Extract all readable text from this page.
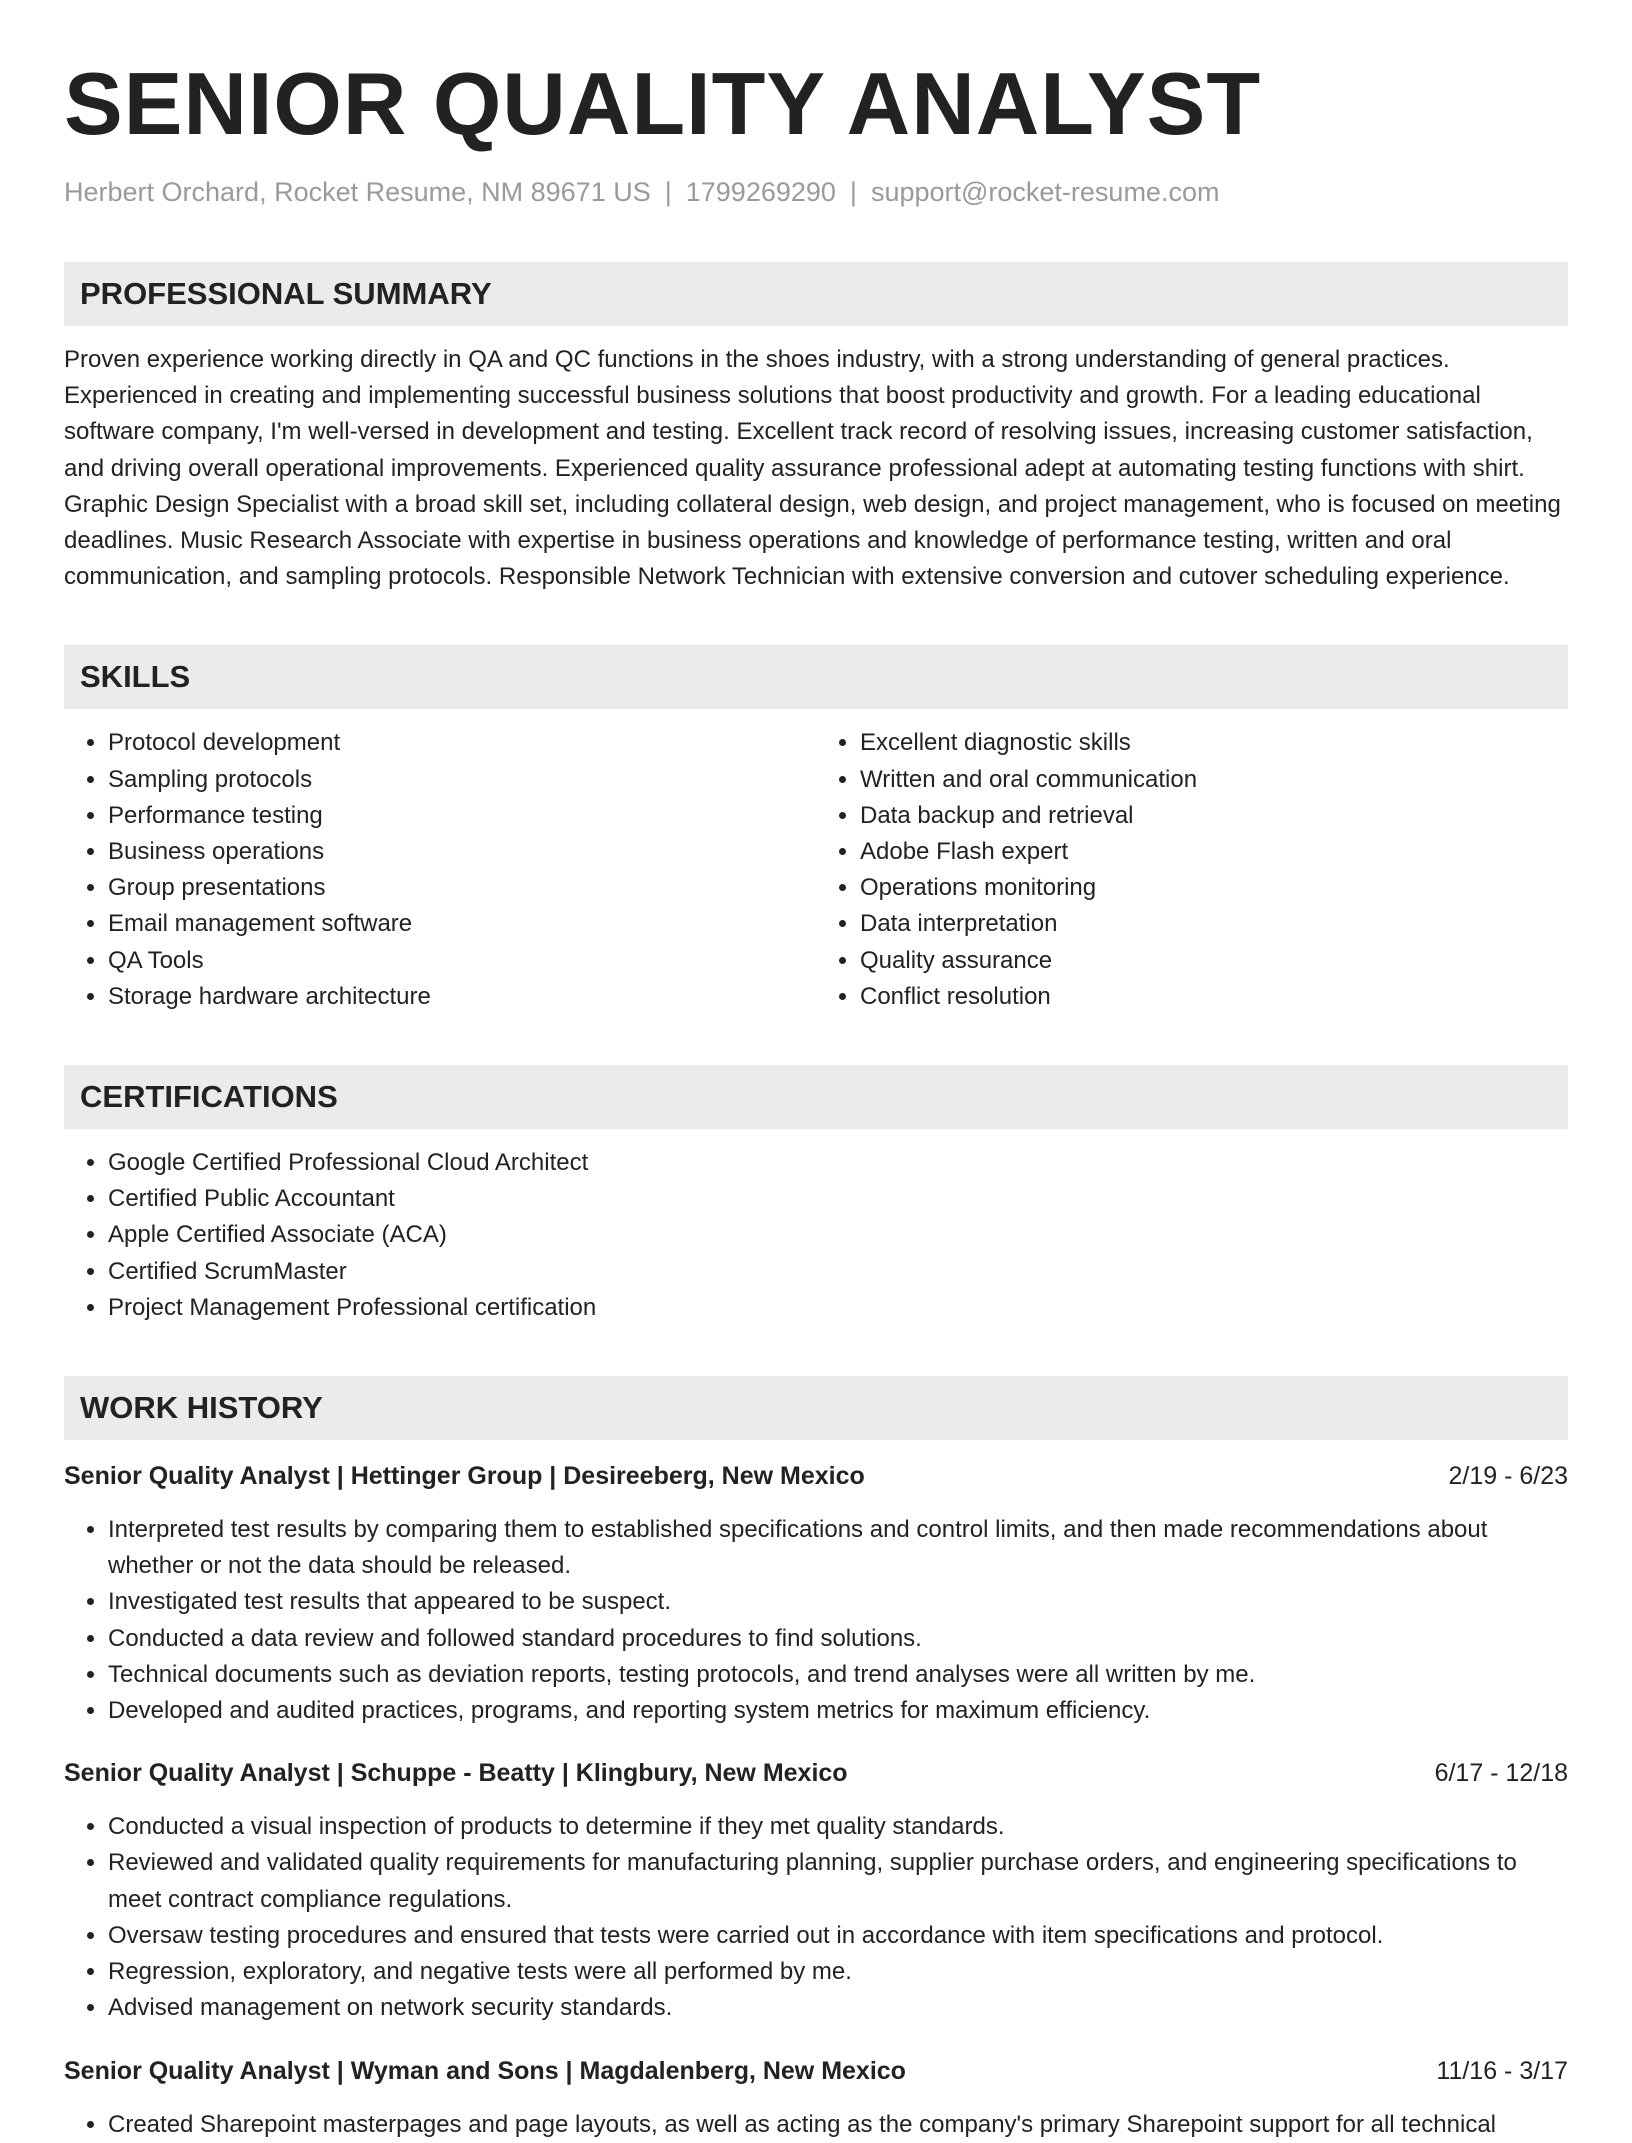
SENIOR QUALITY ANALYST
Herbert Orchard, Rocket Resume, NM 89671 US | 1799269290 | support@rocket-resume.com
PROFESSIONAL SUMMARY
Proven experience working directly in QA and QC functions in the shoes industry, with a strong understanding of general practices. Experienced in creating and implementing successful business solutions that boost productivity and growth. For a leading educational software company, I'm well-versed in development and testing. Excellent track record of resolving issues, increasing customer satisfaction, and driving overall operational improvements. Experienced quality assurance professional adept at automating testing functions with shirt. Graphic Design Specialist with a broad skill set, including collateral design, web design, and project management, who is focused on meeting deadlines. Music Research Associate with expertise in business operations and knowledge of performance testing, written and oral communication, and sampling protocols. Responsible Network Technician with extensive conversion and cutover scheduling experience.
SKILLS
• Protocol development
• Sampling protocols
• Performance testing
• Business operations
• Group presentations
• Email management software
• QA Tools
• Storage hardware architecture
• Excellent diagnostic skills
• Written and oral communication
• Data backup and retrieval
• Adobe Flash expert
• Operations monitoring
• Data interpretation
• Quality assurance
• Conflict resolution
CERTIFICATIONS
• Google Certified Professional Cloud Architect
• Certified Public Accountant
• Apple Certified Associate (ACA)
• Certified ScrumMaster
• Project Management Professional certification
WORK HISTORY
Senior Quality Analyst | Hettinger Group | Desireeberg, New Mexico	2/19 - 6/23
• Interpreted test results by comparing them to established specifications and control limits, and then made recommendations about whether or not the data should be released.
• Investigated test results that appeared to be suspect.
• Conducted a data review and followed standard procedures to find solutions.
• Technical documents such as deviation reports, testing protocols, and trend analyses were all written by me.
• Developed and audited practices, programs, and reporting system metrics for maximum efficiency.
Senior Quality Analyst | Schuppe - Beatty | Klingbury, New Mexico	6/17 - 12/18
• Conducted a visual inspection of products to determine if they met quality standards.
• Reviewed and validated quality requirements for manufacturing planning, supplier purchase orders, and engineering specifications to meet contract compliance regulations.
• Oversaw testing procedures and ensured that tests were carried out in accordance with item specifications and protocol.
• Regression, exploratory, and negative tests were all performed by me.
• Advised management on network security standards.
Senior Quality Analyst | Wyman and Sons | Magdalenberg, New Mexico	11/16 - 3/17
• Created Sharepoint masterpages and page layouts, as well as acting as the company's primary Sharepoint support for all technical
